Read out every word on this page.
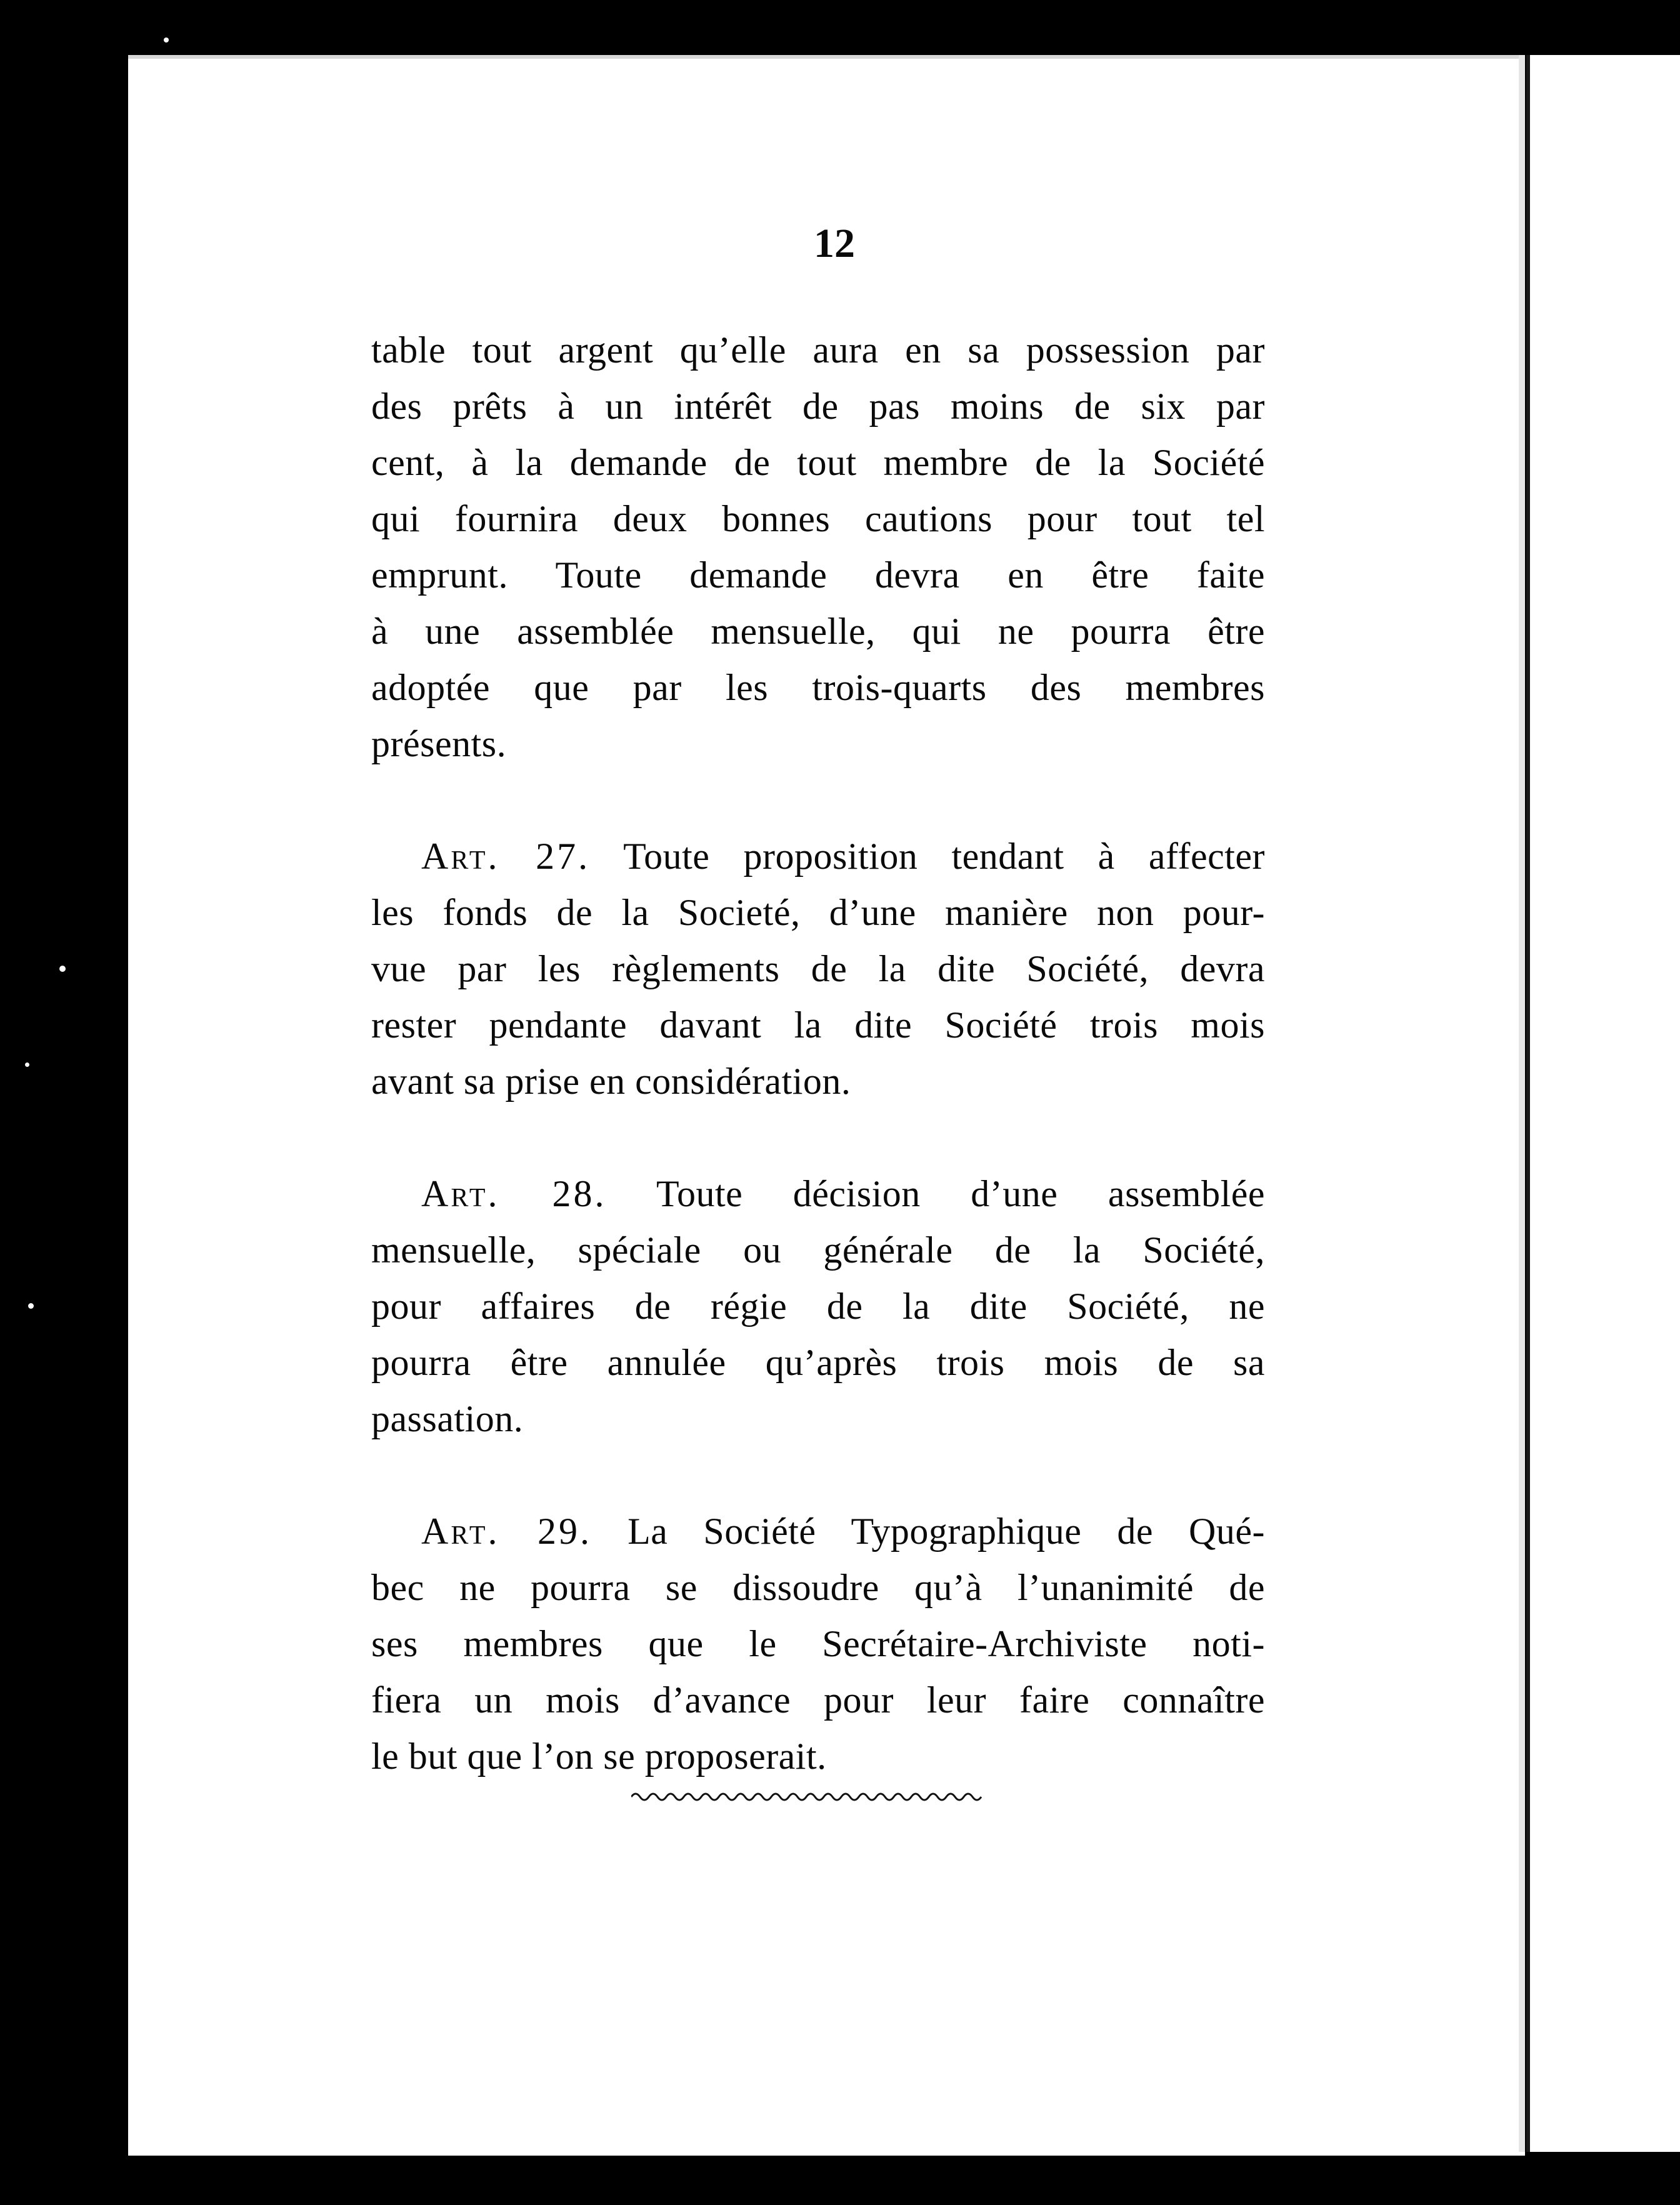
12
table tout argent qu’elle aura en sa possession par
des prêts à un intérêt de pas moins de six par
cent, à la demande de tout membre de la Société
qui fournira deux bonnes cautions pour tout tel
emprunt. Toute demande devra en être faite
à une assemblée mensuelle, qui ne pourra être
adoptée que par les trois-quarts des membres
présents.
Art. 27. Toute proposition tendant à affecter
les fonds de la Societé, d’une manière non pour-
vue par les règlements de la dite Société, devra
rester pendante davant la dite Société trois mois
avant sa prise en considération.
Art. 28. Toute décision d’une assemblée
mensuelle, spéciale ou générale de la Société,
pour affaires de régie de la dite Société, ne
pourra être annulée qu’après trois mois de sa
passation.
Art. 29. La Société Typographique de Qué-
bec ne pourra se dissoudre qu’à l’unanimité de
ses membres que le Secrétaire-Archiviste noti-
fiera un mois d’avance pour leur faire connaître
le but que l’on se proposerait.
